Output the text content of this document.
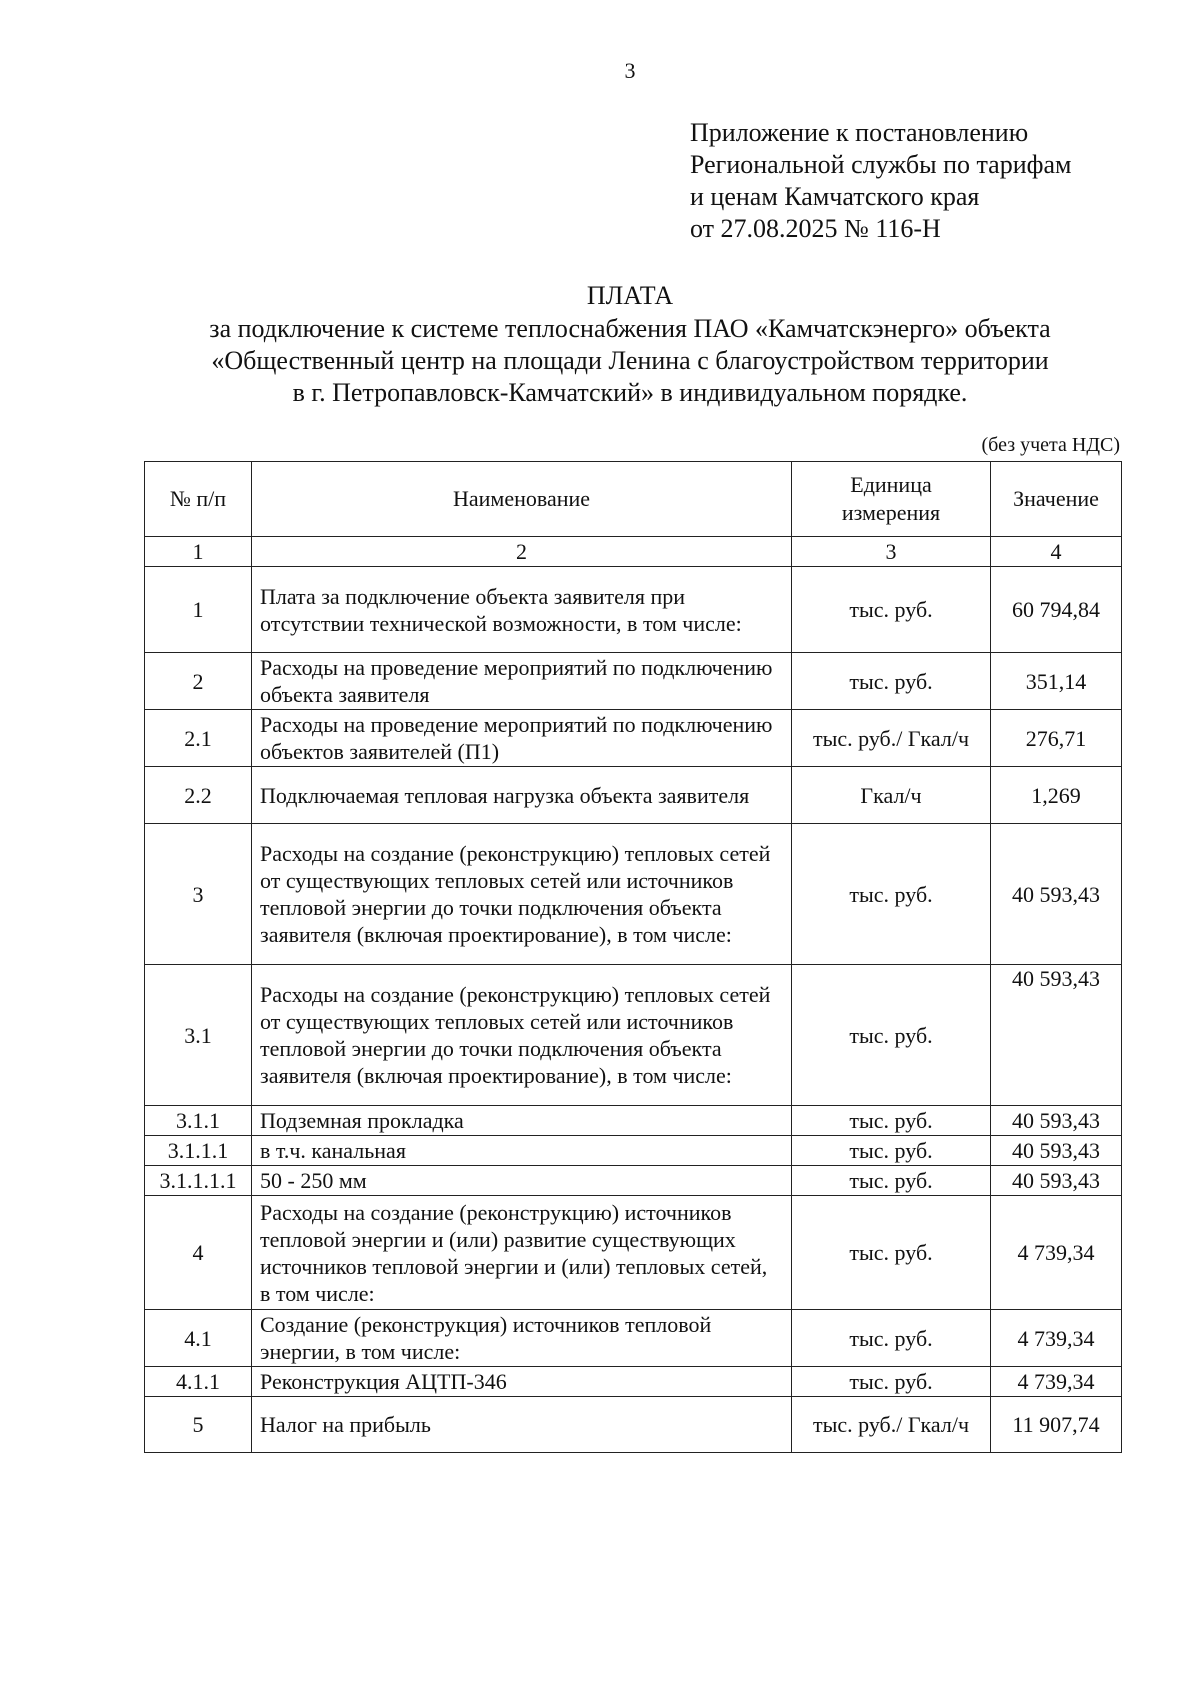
3
Приложение к постановлению
Региональной службы по тарифам
и ценам Камчатского края
от 27.08.2025 № 116-Н
ПЛАТА
за подключение к системе теплоснабжения ПАО «Камчатскэнерго» объекта
«Общественный центр на площади Ленина с благоустройством территории
в г. Петропавловск-Камчатский» в индивидуальном порядке.
(без учета НДС)
№ п/п	Наименование	Единица измерения	Значение
1	2	3	4
1	Плата за подключение объекта заявителя при отсутствии технической возможности, в том числе:	тыс. руб.	60 794,84
2	Расходы на проведение мероприятий по подключению объекта заявителя	тыс. руб.	351,14
2.1	Расходы на проведение мероприятий по подключению объектов заявителей (П1)	тыс. руб./ Гкал/ч	276,71
2.2	Подключаемая тепловая нагрузка объекта заявителя	Гкал/ч	1,269
3	Расходы на создание (реконструкцию) тепловых сетей от существующих тепловых сетей или источников тепловой энергии до точки подключения объекта заявителя (включая проектирование), в том числе:	тыс. руб.	40 593,43
3.1	Расходы на создание (реконструкцию) тепловых сетей от существующих тепловых сетей или источников тепловой энергии до точки подключения объекта заявителя (включая проектирование), в том числе:	тыс. руб.	40 593,43
3.1.1	Подземная прокладка	тыс. руб.	40 593,43
3.1.1.1	в т.ч. канальная	тыс. руб.	40 593,43
3.1.1.1.1	50 - 250 мм	тыс. руб.	40 593,43
4	Расходы на создание (реконструкцию) источников тепловой энергии и (или) развитие существующих источников тепловой энергии и (или) тепловых сетей, в том числе:	тыс. руб.	4 739,34
4.1	Создание (реконструкция) источников тепловой энергии, в том числе:	тыс. руб.	4 739,34
4.1.1	Реконструкция АЦТП-346	тыс. руб.	4 739,34
5	Налог на прибыль	тыс. руб./ Гкал/ч	11 907,74
